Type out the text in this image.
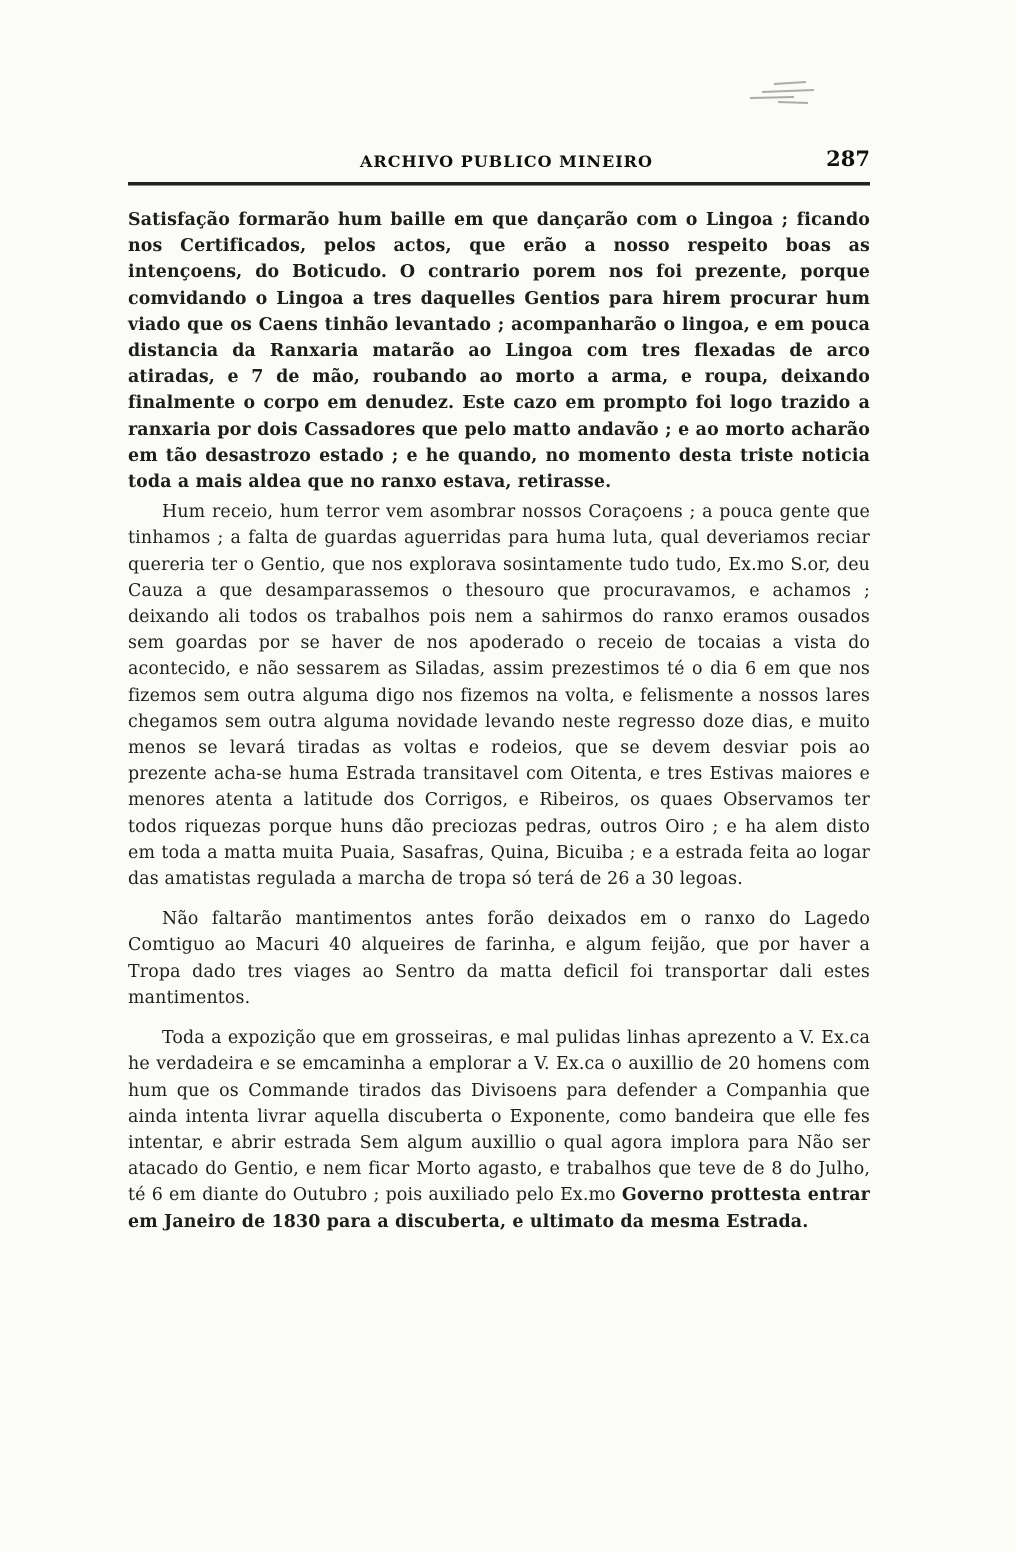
ARCHIVO PUBLICO MINEIRO	287

Satisfação formarão hum baille em que dançarão com o Lingoa ; ficando nos Certificados, pelos actos, que erão a nosso respeito boas as intençoens, do Boticudo. O contrario porem nos foi prezente, porque comvidando o Lingoa a tres daquelles Gentios para hirem procurar hum viado que os Caens tinhão levantado ; acompanharão o lingoa, e em pouca distancia da Ranxaria matarão ao Lingoa com tres flexadas de arco atiradas, e 7 de mão, roubando ao morto a arma, e roupa, deixando finalmente o corpo em denudez. Este cazo em prompto foi logo trazido a ranxaria por dois Cassadores que pelo matto andavão ; e ao morto acharão em tão desastrozo estado ; e he quando, no momento desta triste noticia toda a mais aldea que no ranxo estava, retirasse.

Hum receio, hum terror vem asombrar nossos Coraçoens ; a pouca gente que tinhamos ; a falta de guardas aguerridas para huma luta, qual deveriamos reciar quereria ter o Gentio, que nos explorava sosintamente tudo tudo, Ex.mo S.or, deu Cauza a que desamparassemos o thesouro que procuravamos, e achamos ; deixando ali todos os trabalhos pois nem a sahirmos do ranxo eramos ousados sem goardas por se haver de nos apoderado o receio de tocaias a vista do acontecido, e não sessarem as Siladas, assim prezestimos té o dia 6 em que nos fizemos sem outra alguma digo nos fizemos na volta, e felismente a nossos lares chegamos sem outra alguma novidade levando neste regresso doze dias, e muito menos se levará tiradas as voltas e rodeios, que se devem desviar pois ao prezente acha-se huma Estrada transitavel com Oitenta, e tres Estivas maiores e menores atenta a latitude dos Corrigos, e Ribeiros, os quaes Observamos ter todos riquezas porque huns dão preciozas pedras, outros Oiro ; e ha alem disto em toda a matta muita Puaia, Sasafras, Quina, Bicuiba ; e a estrada feita ao logar das amatistas regulada a marcha de tropa só terá de 26 a 30 legoas.

Não faltarão mantimentos antes forão deixados em o ranxo do Lagedo Comtiguo ao Macuri 40 alqueires de farinha, e algum feijão, que por haver a Tropa dado tres viages ao Sentro da matta deficil foi transportar dali estes mantimentos.

Toda a expozição que em grosseiras, e mal pulidas linhas aprezento a V. Ex.ca he verdadeira e se emcaminha a emplorar a V. Ex.ca o auxillio de 20 homens com hum que os Commande tirados das Divisoens para defender a Companhia que ainda intenta livrar aquella discuberta o Exponente, como bandeira que elle fes intentar, e abrir estrada Sem algum auxillio o qual agora implora para Não ser atacado do Gentio, e nem ficar Morto agasto, e trabalhos que teve de 8 do Julho, té 6 em diante do Outubro ; pois auxiliado pelo Ex.mo Governo prottesta entrar em Janeiro de 1830 para a discuberta, e ultimato da mesma Estrada.
